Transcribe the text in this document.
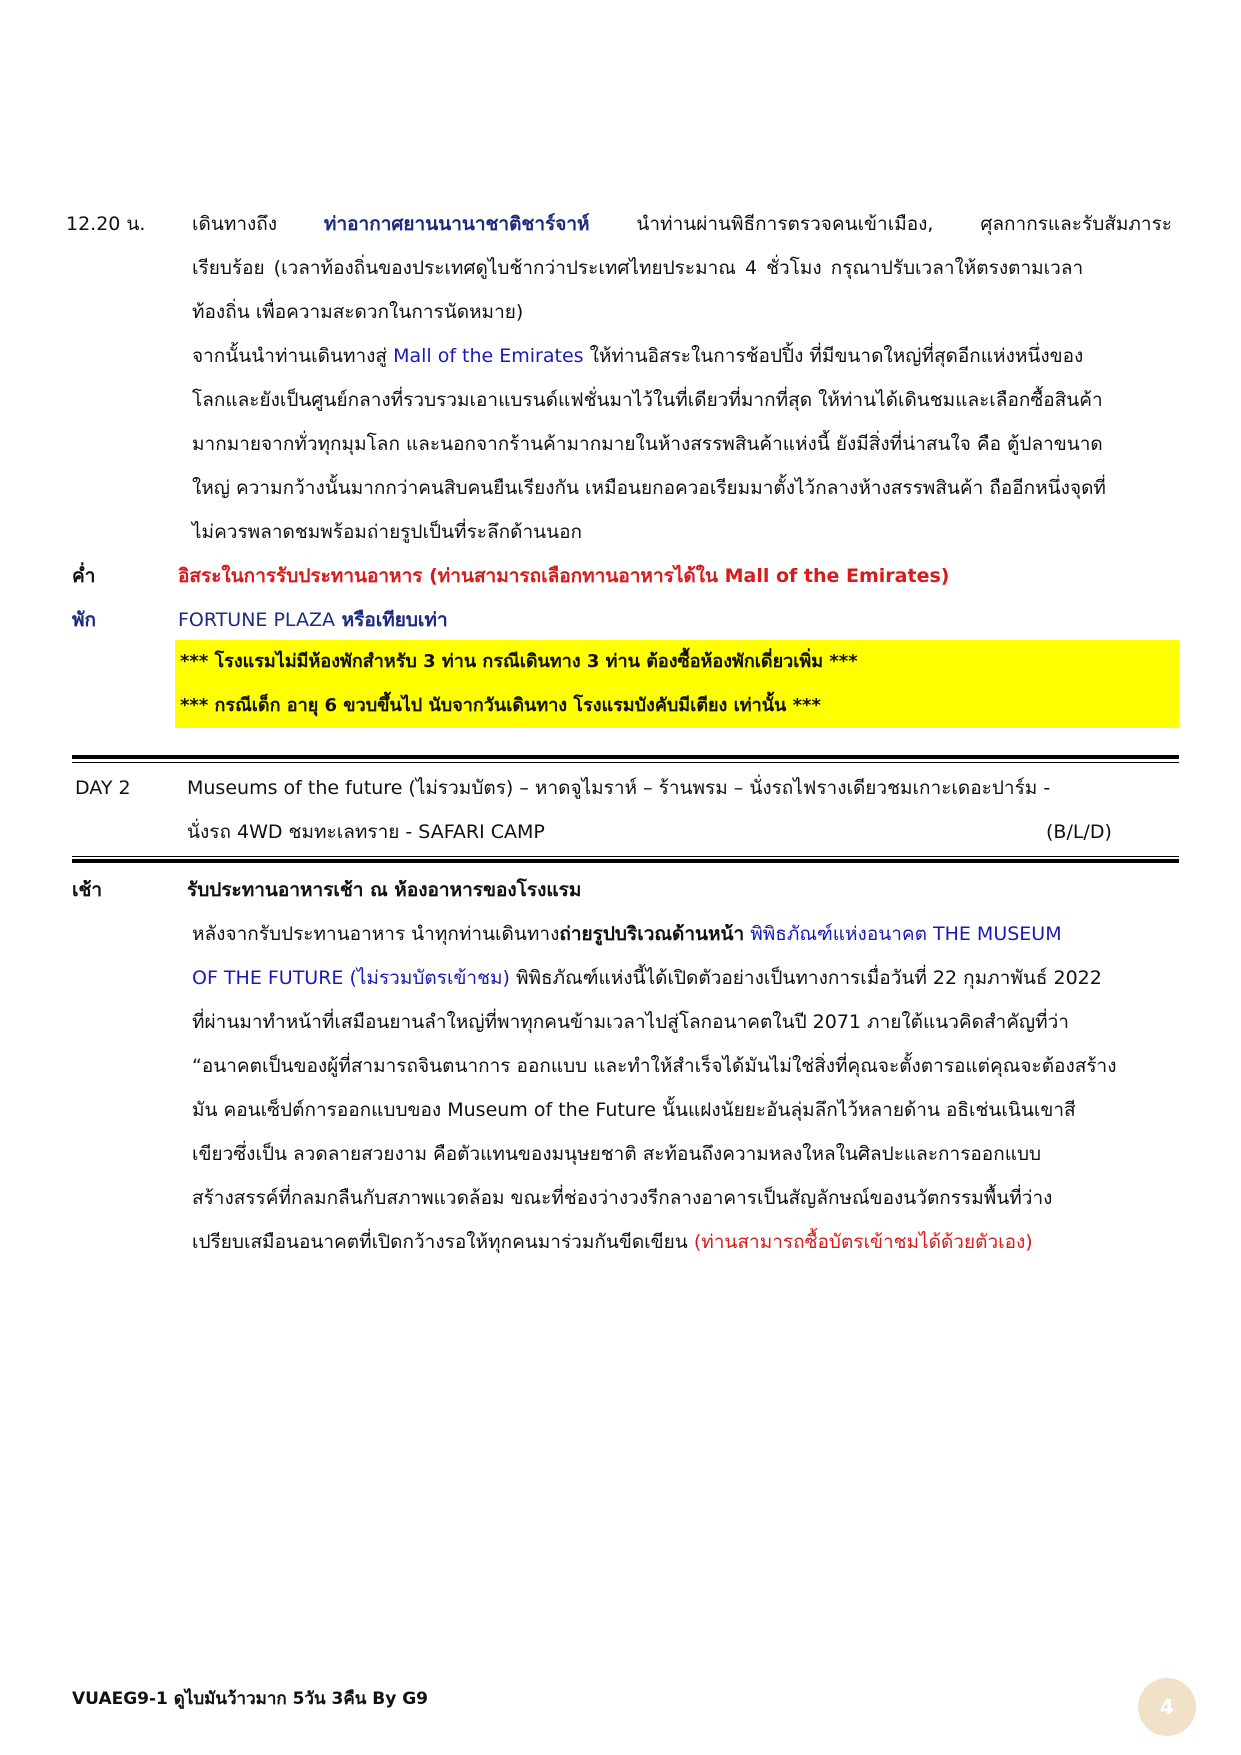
12.20 น. เดินทางถึง ท่าอากาศยานนานาชาติชาร์จาห์ นำท่านผ่านพิธีการตรวจคนเข้าเมือง, ศุลกากรและรับสัมภาระ
เรียบร้อย (เวลาท้องถิ่นของประเทศดูไบช้ากว่าประเทศไทยประมาณ 4 ชั่วโมง กรุณาปรับเวลาให้ตรงตามเวลา
ท้องถิ่น เพื่อความสะดวกในการนัดหมาย)
จากนั้นนำท่านเดินทางสู่ Mall of the Emirates ให้ท่านอิสระในการช้อปปิ้ง ที่มีขนาดใหญ่ที่สุดอีกแห่งหนึ่งของ
โลกและยังเป็นศูนย์กลางที่รวบรวมเอาแบรนด์แฟชั่นมาไว้ในที่เดียวที่มากที่สุด ให้ท่านได้เดินชมและเลือกซื้อสินค้า
มากมายจากทั่วทุกมุมโลก และนอกจากร้านค้ามากมายในห้างสรรพสินค้าแห่งนี้ ยังมีสิ่งที่น่าสนใจ คือ ตู้ปลาขนาด
ใหญ่ ความกว้างนั้นมากกว่าคนสิบคนยืนเรียงกัน เหมือนยกอควอเรียมมาตั้งไว้กลางห้างสรรพสินค้า ถืออีกหนึ่งจุดที่
ไม่ควรพลาดชมพร้อมถ่ายรูปเป็นที่ระลึกด้านนอก
ค่ำ	อิสระในการรับประทานอาหาร (ท่านสามารถเลือกทานอาหารได้ใน Mall of the Emirates)
พัก	FORTUNE PLAZA หรือเทียบเท่า
*** โรงแรมไม่มีห้องพักสำหรับ 3 ท่าน กรณีเดินทาง 3 ท่าน ต้องซื้อห้องพักเดี่ยวเพิ่ม ***
*** กรณีเด็ก อายุ 6 ขวบขึ้นไป นับจากวันเดินทาง โรงแรมบังคับมีเตียง เท่านั้น ***
DAY 2	Museums of the future (ไม่รวมบัตร) – หาดจูไมราห์ – ร้านพรม – นั่งรถไฟรางเดียวชมเกาะเดอะปาร์ม -
นั่งรถ 4WD ชมทะเลทราย - SAFARI CAMP	(B/L/D)
เช้า	รับประทานอาหารเช้า ณ ห้องอาหารของโรงแรม
หลังจากรับประทานอาหาร นำทุกท่านเดินทางถ่ายรูปบริเวณด้านหน้า พิพิธภัณฑ์แห่งอนาคต THE MUSEUM
OF THE FUTURE (ไม่รวมบัตรเข้าชม) พิพิธภัณฑ์แห่งนี้ได้เปิดตัวอย่างเป็นทางการเมื่อวันที่ 22 กุมภาพันธ์ 2022
ที่ผ่านมาทำหน้าที่เสมือนยานลำใหญ่ที่พาทุกคนข้ามเวลาไปสู่โลกอนาคตในปี 2071 ภายใต้แนวคิดสำคัญที่ว่า
“อนาคตเป็นของผู้ที่สามารถจินตนาการ ออกแบบ และทำให้สำเร็จได้มันไม่ใช่สิ่งที่คุณจะตั้งตารอแต่คุณจะต้องสร้าง
มัน คอนเซ็ปต์การออกแบบของ Museum of the Future นั้นแฝงนัยยะอันลุ่มลึกไว้หลายด้าน อธิเช่นเนินเขาสี
เขียวซึ่งเป็น ลวดลายสวยงาม คือตัวแทนของมนุษยชาติ สะท้อนถึงความหลงใหลในศิลปะและการออกแบบ
สร้างสรรค์ที่กลมกลืนกับสภาพแวดล้อม ขณะที่ช่องว่างวงรีกลางอาคารเป็นสัญลักษณ์ของนวัตกรรมพื้นที่ว่าง
เปรียบเสมือนอนาคตที่เปิดกว้างรอให้ทุกคนมาร่วมกันขีดเขียน (ท่านสามารถซื้อบัตรเข้าชมได้ด้วยตัวเอง)
VUAEG9-1 ดูไบมันว้าวมาก 5วัน 3คืน By G9	4
